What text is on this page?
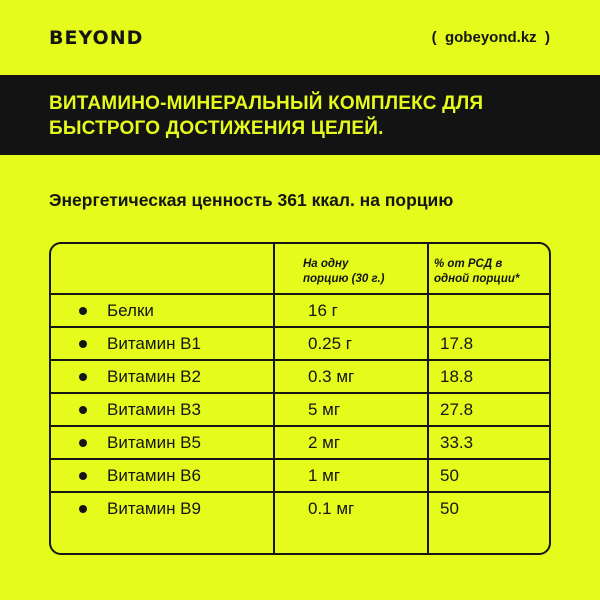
BEYOND	(  gobeyond.kz  )
ВИТАМИНО-МИНЕРАЛЬНЫЙ КОМПЛЕКС ДЛЯ
БЫСТРОГО ДОСТИЖЕНИЯ ЦЕЛЕЙ.
Энергетическая ценность 361 ккал. на порцию
На одну
порцию (30 г.)
% от РСД в
одной порции*
Белки	16 г
Витамин В1	0.25 г	17.8
Витамин В2	0.3 мг	18.8
Витамин В3	5 мг	27.8
Витамин В5	2 мг	33.3
Витамин В6	1 мг	50
Витамин В9	0.1 мг	50
